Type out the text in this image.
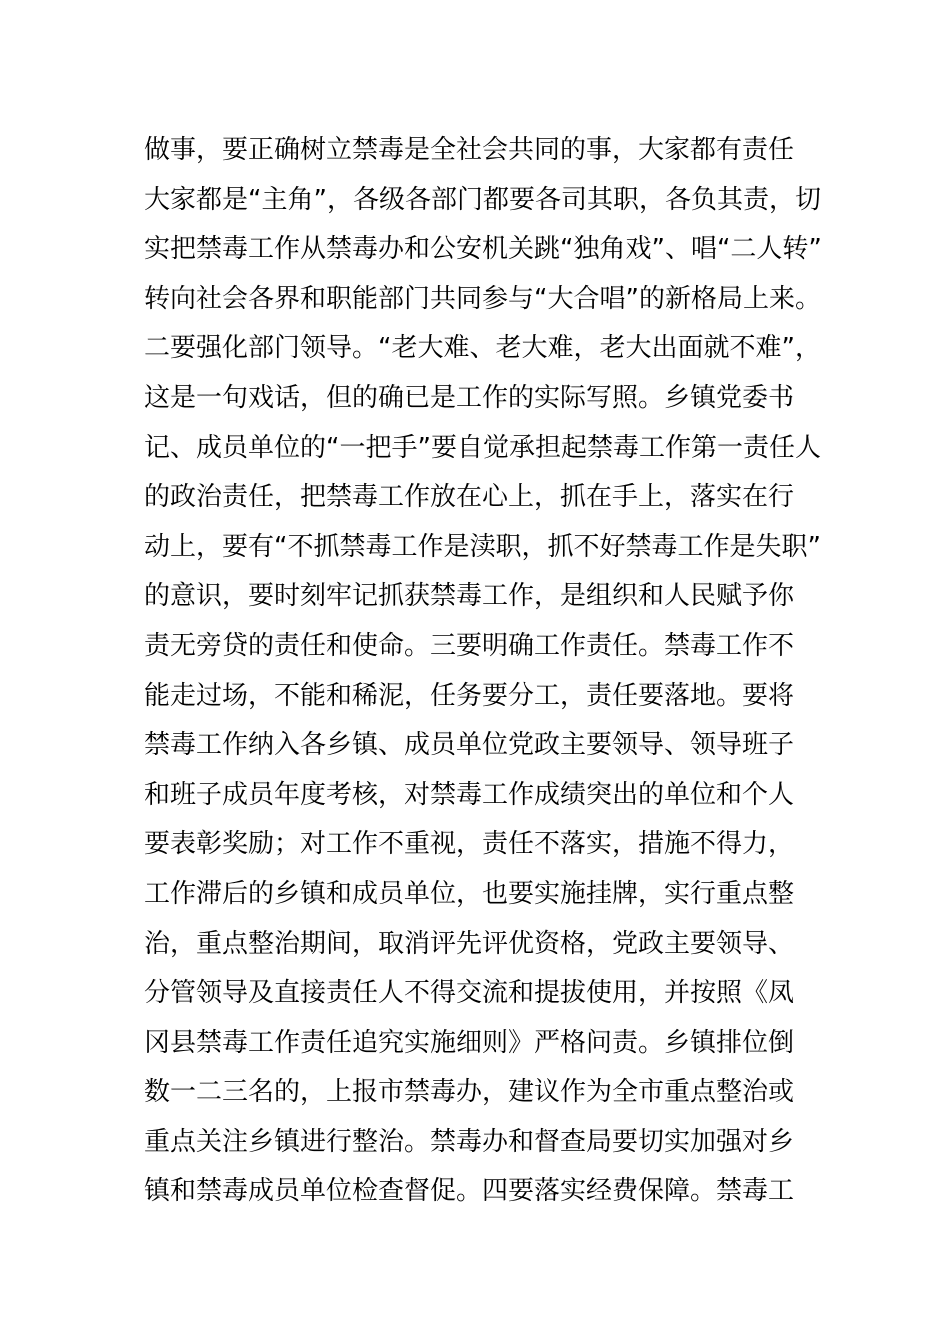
做事，要正确树立禁毒是全社会共同的事，大家都有责任
大家都是“主角”，各级各部门都要各司其职，各负其责，切
实把禁毒工作从禁毒办和公安机关跳“独角戏”、唱“二人转”
转向社会各界和职能部门共同参与“大合唱”的新格局上来。
二要强化部门领导。“老大难、老大难，老大出面就不难”，
这是一句戏话，但的确已是工作的实际写照。乡镇党委书
记、成员单位的“一把手”要自觉承担起禁毒工作第一责任人
的政治责任，把禁毒工作放在心上，抓在手上，落实在行
动上，要有“不抓禁毒工作是渎职，抓不好禁毒工作是失职”
的意识，要时刻牢记抓获禁毒工作，是组织和人民赋予你
责无旁贷的责任和使命。三要明确工作责任。禁毒工作不
能走过场，不能和稀泥，任务要分工，责任要落地。要将
禁毒工作纳入各乡镇、成员单位党政主要领导、领导班子
和班子成员年度考核，对禁毒工作成绩突出的单位和个人
要表彰奖励；对工作不重视，责任不落实，措施不得力，
工作滞后的乡镇和成员单位，也要实施挂牌，实行重点整
治，重点整治期间，取消评先评优资格，党政主要领导、
分管领导及直接责任人不得交流和提拔使用，并按照《凤
冈县禁毒工作责任追究实施细则》严格问责。乡镇排位倒
数一二三名的，上报市禁毒办，建议作为全市重点整治或
重点关注乡镇进行整治。禁毒办和督查局要切实加强对乡
镇和禁毒成员单位检查督促。四要落实经费保障。禁毒工
